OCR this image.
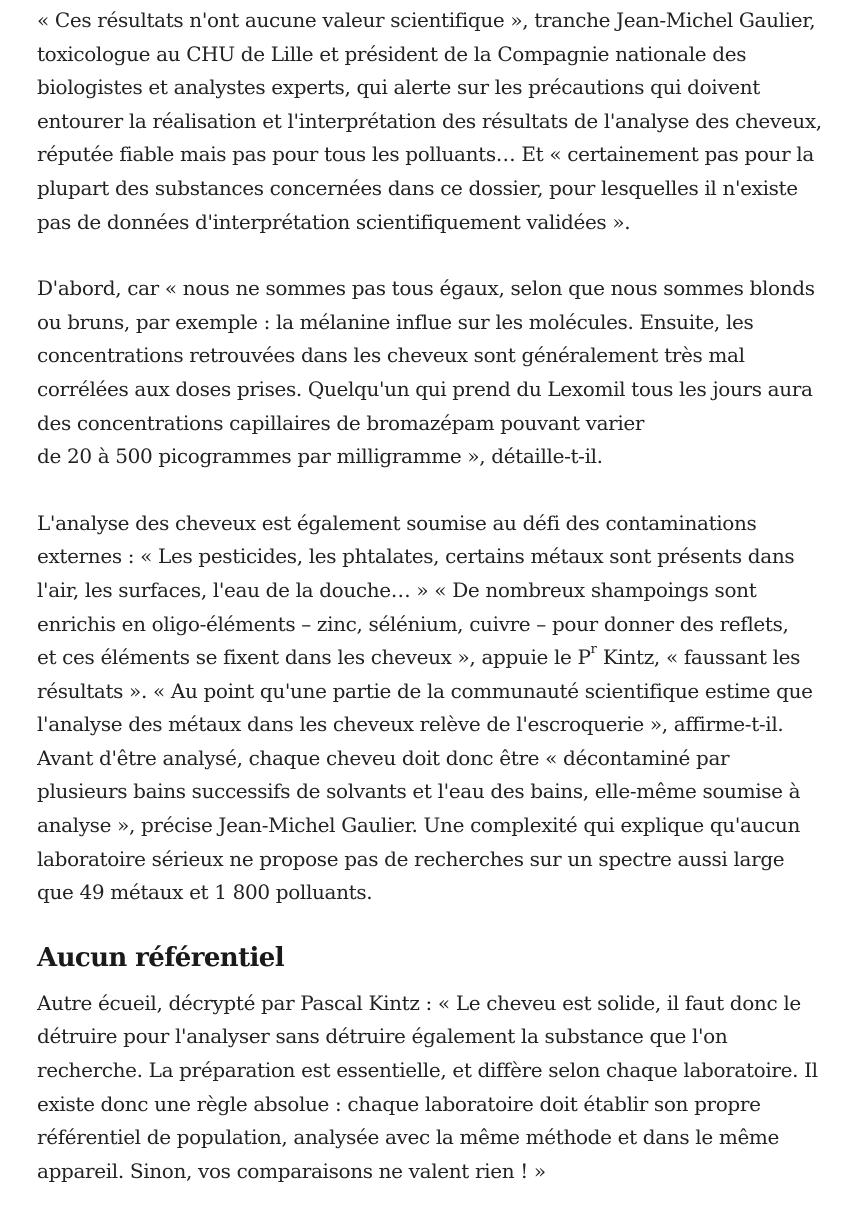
« Ces résultats n'ont aucune valeur scientifique », tranche Jean-Michel Gaulier,
toxicologue au CHU de Lille et président de la Compagnie nationale des
biologistes et analystes experts, qui alerte sur les précautions qui doivent
entourer la réalisation et l'interprétation des résultats de l'analyse des cheveux,
réputée fiable mais pas pour tous les polluants… Et « certainement pas pour la
plupart des substances concernées dans ce dossier, pour lesquelles il n'existe
pas de données d'interprétation scientifiquement validées ».

D'abord, car « nous ne sommes pas tous égaux, selon que nous sommes blonds
ou bruns, par exemple : la mélanine influe sur les molécules. Ensuite, les
concentrations retrouvées dans les cheveux sont généralement très mal
corrélées aux doses prises. Quelqu'un qui prend du Lexomil tous les jours aura
des concentrations capillaires de bromazépam pouvant varier
de 20 à 500 picogrammes par milligramme », détaille-t-il.

L'analyse des cheveux est également soumise au défi des contaminations
externes : « Les pesticides, les phtalates, certains métaux sont présents dans
l'air, les surfaces, l'eau de la douche… » « De nombreux shampoings sont
enrichis en oligo-éléments – zinc, sélénium, cuivre – pour donner des reflets,
et ces éléments se fixent dans les cheveux », appuie le $P^r$ Kintz, « faussant les
résultats ». « Au point qu'une partie de la communauté scientifique estime que
l'analyse des métaux dans les cheveux relève de l'escroquerie », affirme-t-il.
Avant d'être analysé, chaque cheveu doit donc être « décontaminé par
plusieurs bains successifs de solvants et l'eau des bains, elle-même soumise à
analyse », précise Jean-Michel Gaulier. Une complexité qui explique qu'aucun
laboratoire sérieux ne propose pas de recherches sur un spectre aussi large
que 49 métaux et 1 800 polluants.

Aucun référentiel

Autre écueil, décrypté par Pascal Kintz : « Le cheveu est solide, il faut donc le
détruire pour l'analyser sans détruire également la substance que l'on
recherche. La préparation est essentielle, et diffère selon chaque laboratoire. Il
existe donc une règle absolue : chaque laboratoire doit établir son propre
référentiel de population, analysée avec la même méthode et dans le même
appareil. Sinon, vos comparaisons ne valent rien ! »
